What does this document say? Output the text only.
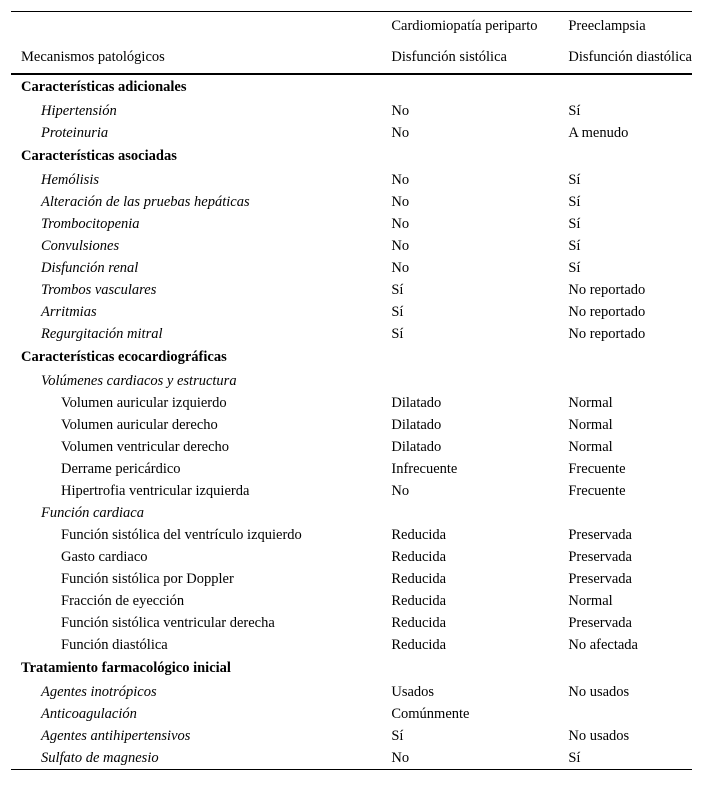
	Cardiomiopatía periparto	Preeclampsia
Mecanismos patológicos	Disfunción sistólica	Disfunción diastólica
Características adicionales		
Hipertensión	No	Sí
Proteinuria	No	A menudo
Características asociadas		
Hemólisis	No	Sí
Alteración de las pruebas hepáticas	No	Sí
Trombocitopenia	No	Sí
Convulsiones	No	Sí
Disfunción renal	No	Sí
Trombos vasculares	Sí	No reportado
Arritmias	Sí	No reportado
Regurgitación mitral	Sí	No reportado
Características ecocardiográficas		
Volúmenes cardiacos y estructura		
Volumen auricular izquierdo	Dilatado	Normal
Volumen auricular derecho	Dilatado	Normal
Volumen ventricular derecho	Dilatado	Normal
Derrame pericárdico	Infrecuente	Frecuente
Hipertrofia ventricular izquierda	No	Frecuente
Función cardiaca		
Función sistólica del ventrículo izquierdo	Reducida	Preservada
Gasto cardiaco	Reducida	Preservada
Función sistólica por Doppler	Reducida	Preservada
Fracción de eyección	Reducida	Normal
Función sistólica ventricular derecha	Reducida	Preservada
Función diastólica	Reducida	No afectada
Tratamiento farmacológico inicial		
Agentes inotrópicos	Usados	No usados
Anticoagulación	Comúnmente	
Agentes antihipertensivos	Sí	No usados
Sulfato de magnesio	No	Sí
